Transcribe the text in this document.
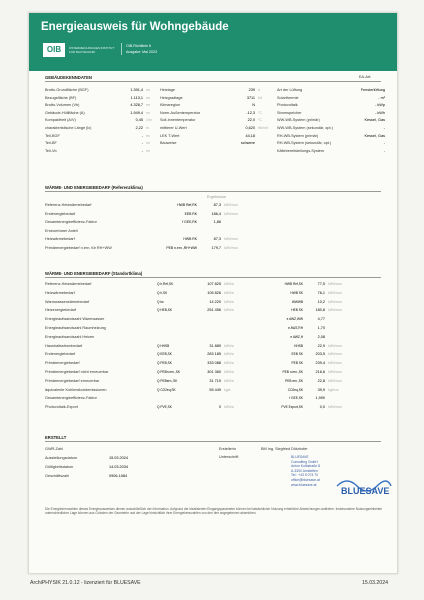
Energieausweis für Wohngebäude
OIB	ÖSTERREICHISCHES INSTITUT FÜR BAUTECHNIK
OIB-Richtlinie 6
Ausgabe: Mai 2023
GEBÄUDEKENNDATEN	EA-Art:
WÄRME- UND ENERGIEBEDARF (Referenzklima)
Ergebnisse
WÄRME- UND ENERGIEBEDARF (Standortklima)
ERSTELLT
ErstellerIn	BM Ing. Siegfried Dötzhofer
Unterschrift
BLUESAVE
Die Energiekennzahlen dieses Energieausweises dienen ausschließlich der Information. Aufgrund der idealisierten Eingangsparameter können bei tatsächlicher Nutzung erhebliche Abweichungen auftreten. Insbesondere Nutzungseinheiten unterschiedlicher Lage können aus Gründen der Geometrie und der Lage hinsichtlich ihrer Energiekennzahlen von den hier angegebenen abweichen.
Brutto-Grundfläche (BGF)	1.391,4 m²
Bezugsfläche (BF)	1.113,1 m²
Brutto-Volumen (Vb)	4.328,7 m³
Gebäude-Hüllfläche (A)	1.949,4 m²
Kompaktheit (A/V)	0,45 1/m
charakteristische Länge (lc)	2,22 m
Teil-BGF	- m²
Teil-BF	- m²
Teil-Vb	- m³
Heiztage	239 d
Heizgradtage	3711 Kd
Klimaregion	N
Norm-Außentemperatur	-12,3 °C
Soll-Innentemperatur	22,0 °C
mittlerer U-Wert	0,620 W/m²K
LEK T-Wert	44,18
Bauweise	schwere
Art der Lüftung	Fensterlüftung
Solarthermie	- m²
Photovoltaik	- kWp
Stromspeicher	- kWh
WW-WB-System (primär)	Kessel, Gas
WW-WB-System (sekundär, opt.)	-
RH-WB-System (primär)	Kessel, Gas
RH-WB-System (sekundär, opt.)	-
Kältebereitstellungs-System	-
Referenz-Heizwärmebedarf	HWB Ref,RK	87,3 kWh/m²a
Endenergiebedarf	EEB RK	186,4 kWh/m²a
Gesamtenergieeffizienz-Faktor	f GEE,RK	1,86
Erneuerbarer Anteil
Heizwärmebedarf	HWB RK	87,3 kWh/m²a
Primärenergiebedarf n.ern. für RH+WW	PEB n.ern.,RH+WW	179,7 kWh/m²a
Referenz-Heizwärmebedarf	Q h,Ref,SK	107 825 kWh/a	HWB Ref,SK	77,5 kWh/m²a
Heizwärmebedarf	Q h,SK	105 826 kWh/a	HWB SK	76,1 kWh/m²a
Warmwasserwärmebedarf	Q tw	14 220 kWh/a	WWWB	10,2 kWh/m²a
Heizenergiebedarf	Q HEB,SK	251 456 kWh/a	HEB SK	180,8 kWh/m²a
Energieaufwandszahl Warmwasser	e AWZ,WW	4,77
Energieaufwandszahl Raumheizung	e AWZ,RH	1,70
Energieaufwandszahl Heizen	e AWZ,H	2,08
Haushaltsstrombedarf	Q HHSB	31 889 kWh/a	HHSB	22,9 kWh/m²a
Endenergiebedarf	Q EEB,SK	283 185 kWh/a	EEB SK	203,5 kWh/m²a
Primärenergiebedarf	Q PEB,SK	333 088 kWh/a	PEB SK	239,4 kWh/m²a
Primärenergiebedarf nicht erneuerbar	Q PEBn.ern.,SK	301 360 kWh/a	PEB n.ern.,SK	216,6 kWh/m²a
Primärenergiebedarf erneuerbar	Q PEBern.,SK	31 719 kWh/a	PEB ern.,SK	22,8 kWh/m²a
äquivalente Kohlendioxidemissionen	Q CO2eq,SK	55 449 kg/a	CO2eq,SK	39,9 kg/m²a
Gesamtenergieeffizienz-Faktor	f GEE,SK	1,990
Photovoltaik-Export	Q PVE,SK	0 kWh/a	PVE Export,SK	0,0 kWh/m²a
GWR-Zahl
Ausstellungsdatum	15.03.2024
Gültigkeitsdatum	14.03.2034
Geschäftszahl	0906-1084
BLUESAVE
Consulting GmbH
Anton Kolbstraße 8
A-3300 Amstetten
Tel.: +43 5 074 70
office@bluesave.at
www.bluesave.at
ArchiPHYSIK 21.0.12 - lizenziert für BLUESAVE	15.03.2024
